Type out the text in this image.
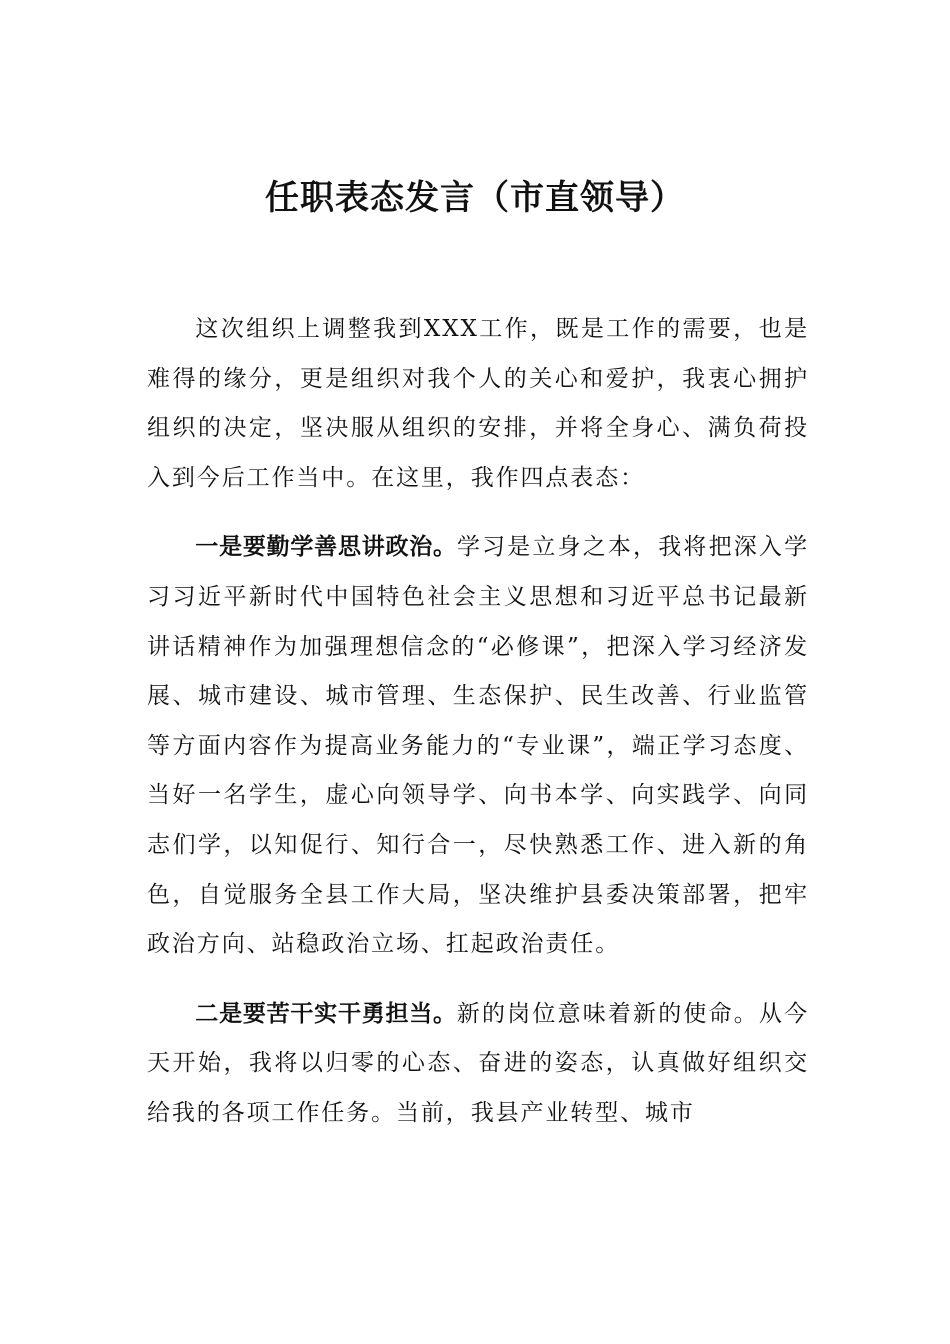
任职表态发言（市直领导）

这次组织上调整我到XXX工作，既是工作的需要，也是难得的缘分，更是组织对我个人的关心和爱护，我衷心拥护组织的决定，坚决服从组织的安排，并将全身心、满负荷投入到今后工作当中。在这里，我作四点表态：

一是要勤学善思讲政治。学习是立身之本，我将把深入学习习近平新时代中国特色社会主义思想和习近平总书记最新讲话精神作为加强理想信念的“必修课”，把深入学习经济发展、城市建设、城市管理、生态保护、民生改善、行业监管等方面内容作为提高业务能力的“专业课”，端正学习态度、当好一名学生，虚心向领导学、向书本学、向实践学、向同志们学，以知促行、知行合一，尽快熟悉工作、进入新的角色，自觉服务全县工作大局，坚决维护县委决策部署，把牢政治方向、站稳政治立场、扛起政治责任。

二是要苦干实干勇担当。新的岗位意味着新的使命。从今天开始，我将以归零的心态、奋进的姿态，认真做好组织交给我的各项工作任务。当前，我县产业转型、城市
